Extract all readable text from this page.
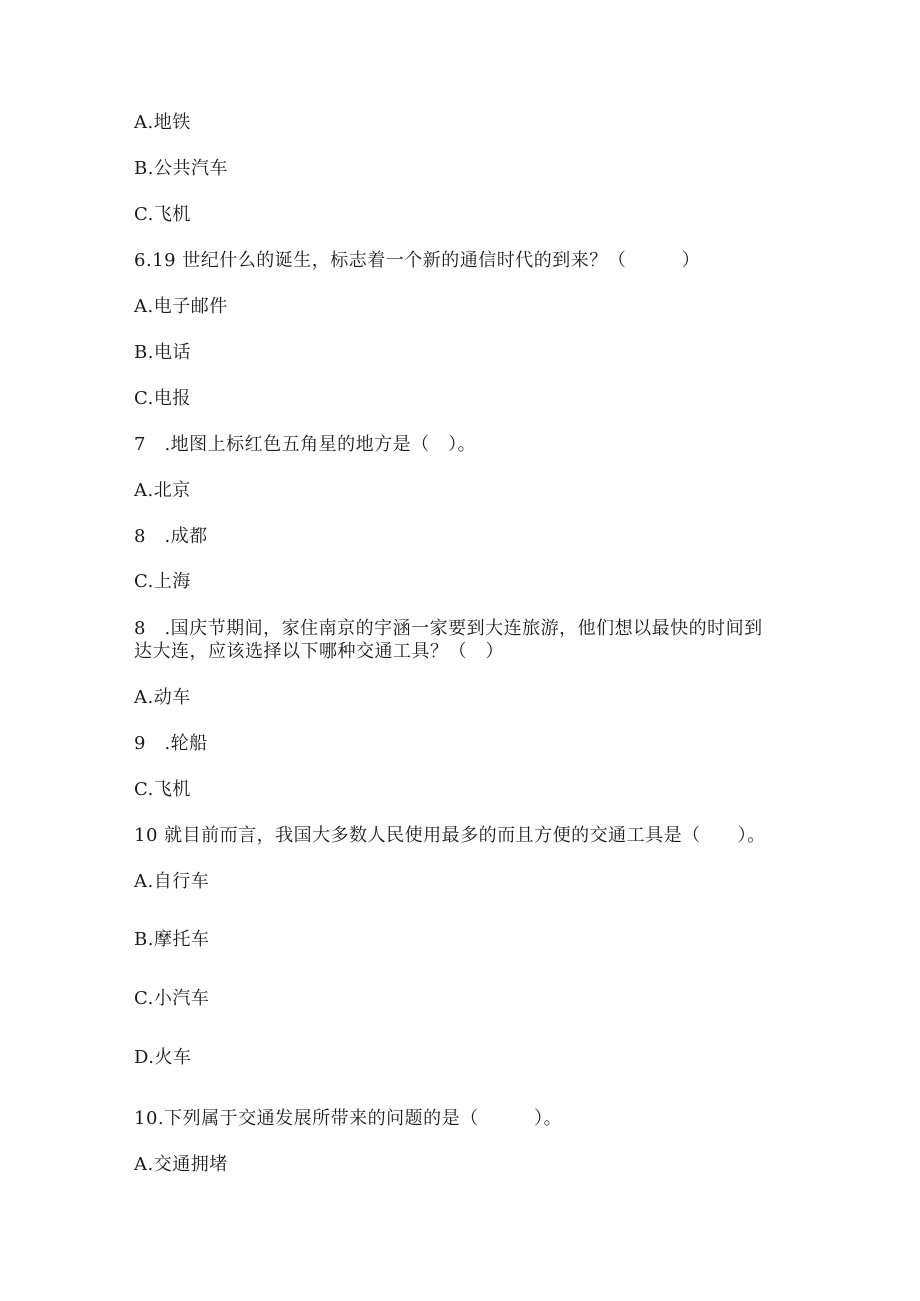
A.地铁
B.公共汽车
C.飞机
6.19 世纪什么的诞生，标志着一个新的通信时代的到来？（　　　）
A.电子邮件
B.电话
C.电报
7　.地图上标红色五角星的地方是（　）。
A.北京
8　.成都
C.上海
8　.国庆节期间，家住南京的宇涵一家要到大连旅游，他们想以最快的时间到
达大连，应该选择以下哪种交通工具？（　）
A.动车
9　.轮船
C.飞机
10 就目前而言，我国大多数人民使用最多的而且方便的交通工具是（　　）。
A.自行车
B.摩托车
C.小汽车
D.火车
10.下列属于交通发展所带来的问题的是（　　　）。
A.交通拥堵
